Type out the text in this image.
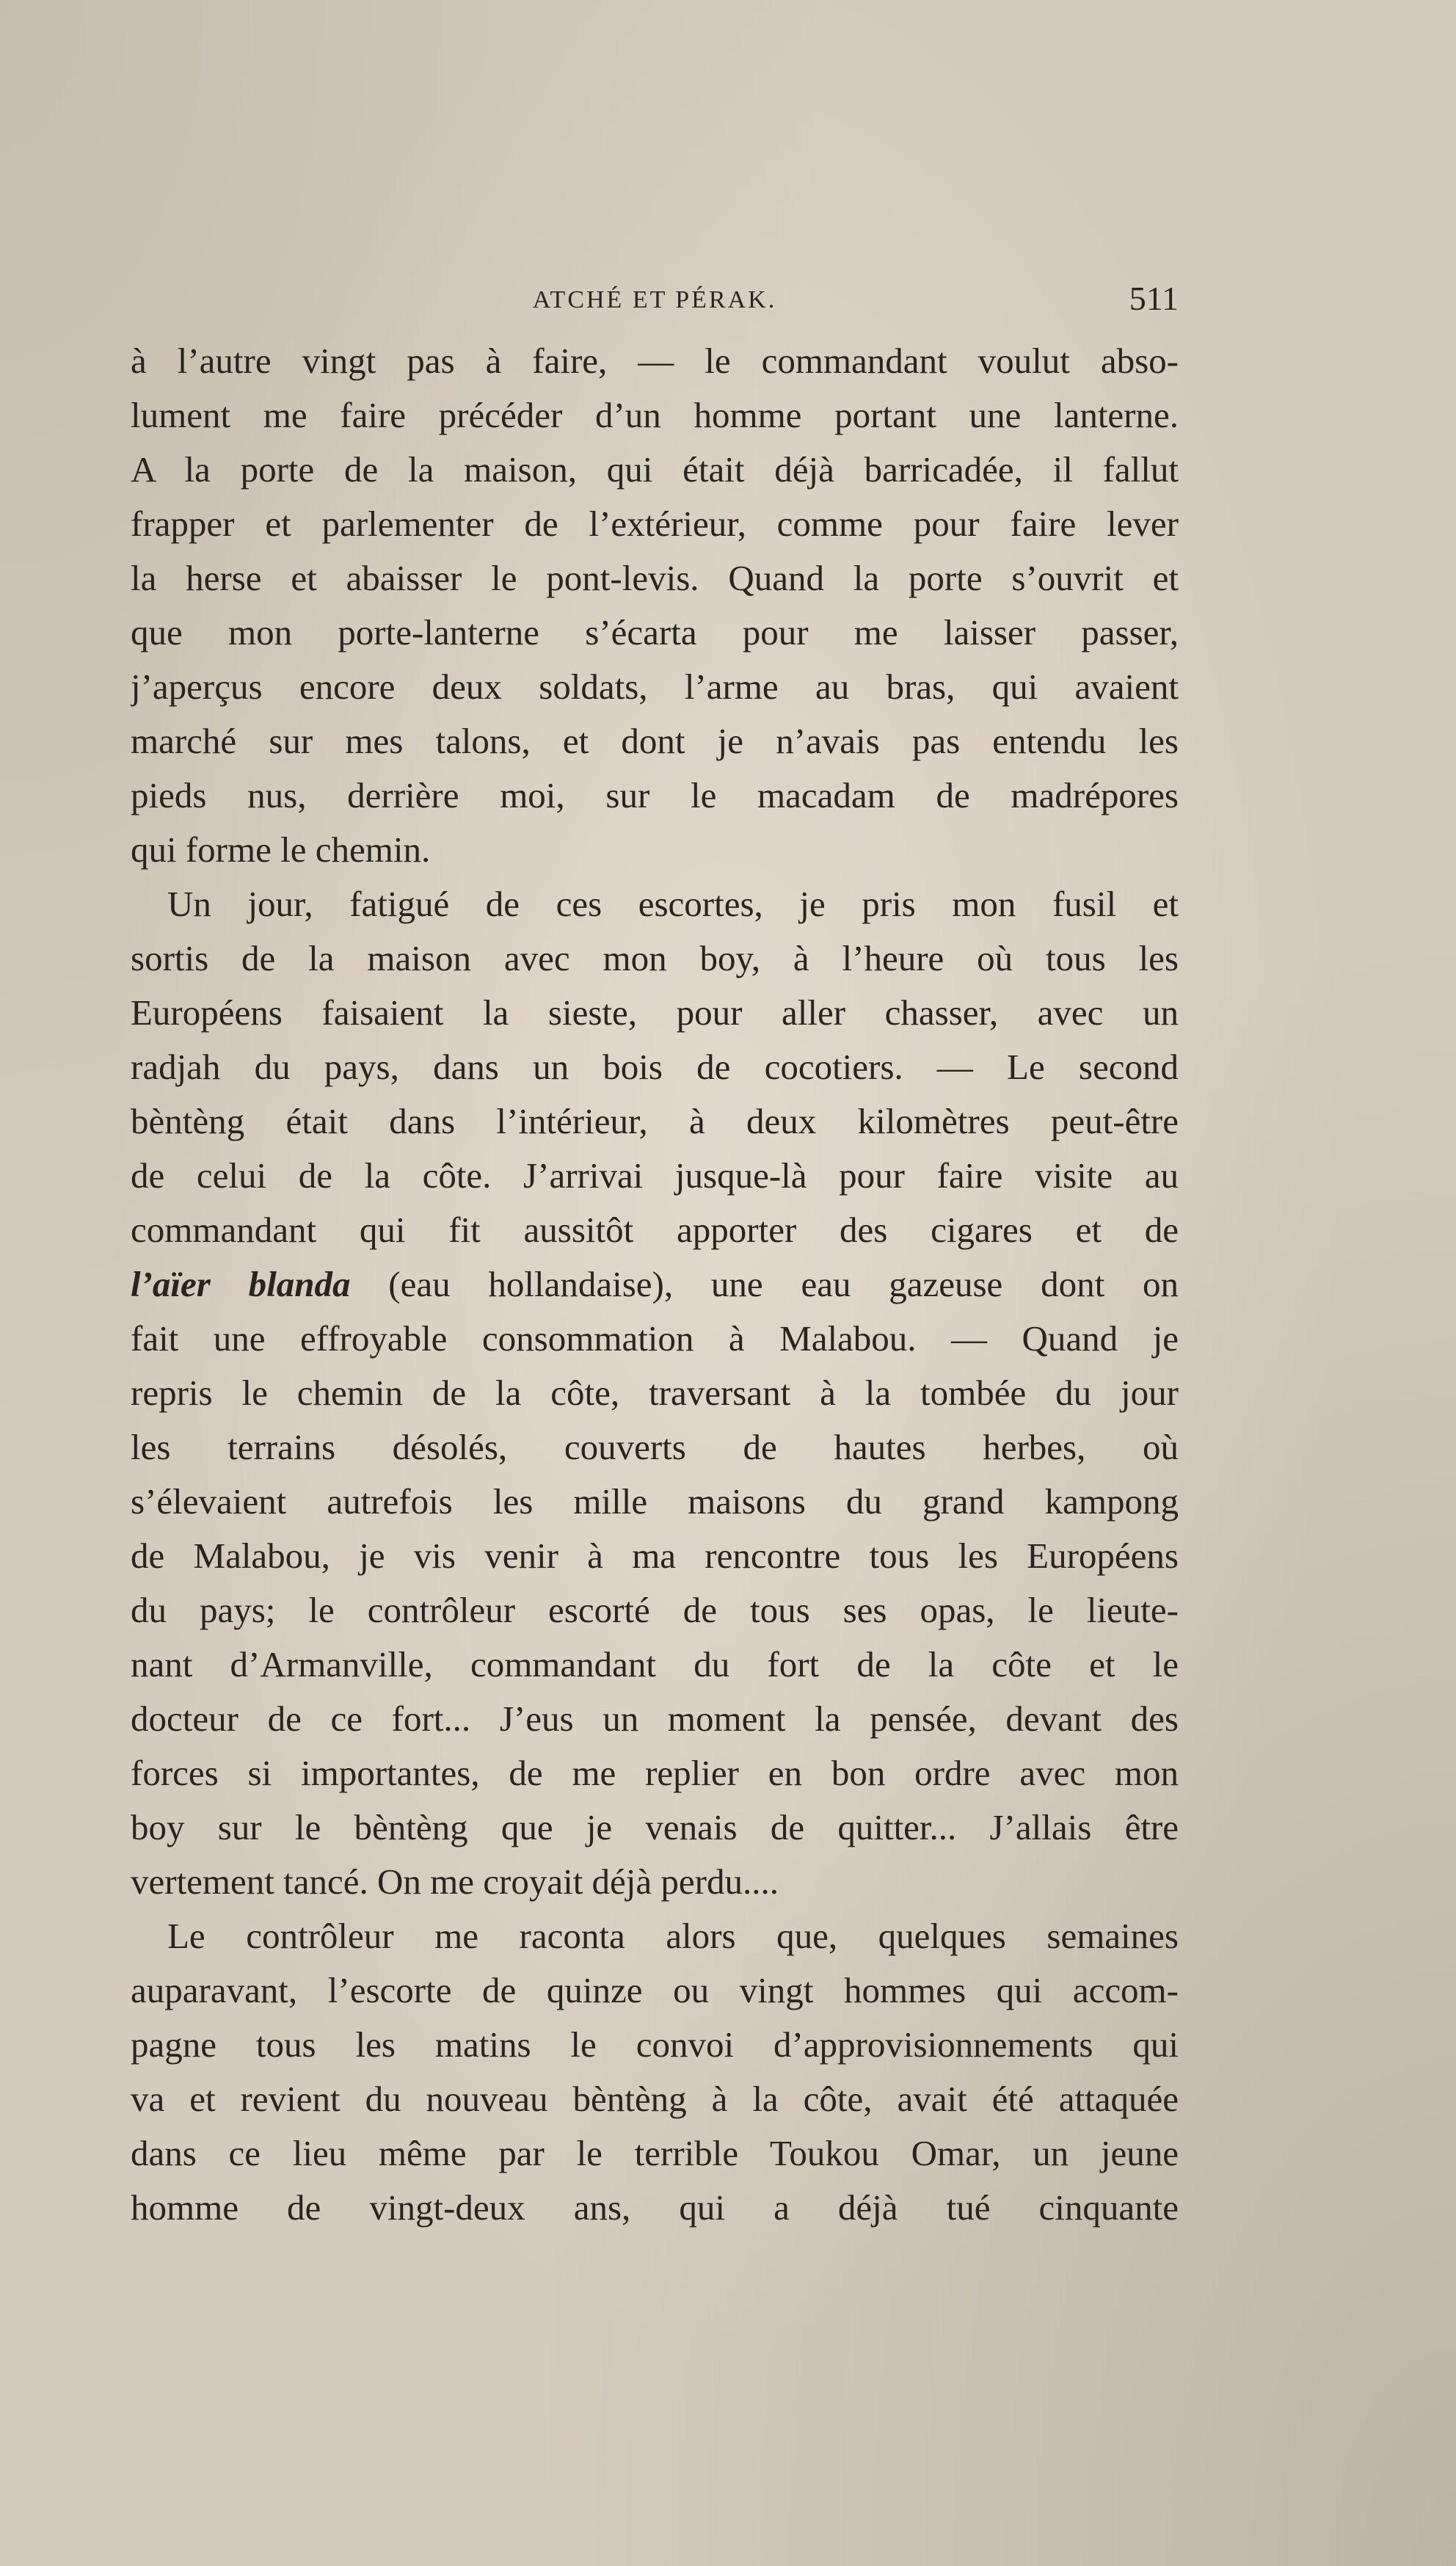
ATCHÉ ET PÉRAK.	511
à l’autre vingt pas à faire, — le commandant voulut abso-
lument me faire précéder d’un homme portant une lanterne.
A la porte de la maison, qui était déjà barricadée, il fallut
frapper et parlementer de l’extérieur, comme pour faire lever
la herse et abaisser le pont-levis. Quand la porte s’ouvrit et
que mon porte-lanterne s’écarta pour me laisser passer,
j’aperçus encore deux soldats, l’arme au bras, qui avaient
marché sur mes talons, et dont je n’avais pas entendu les
pieds nus, derrière moi, sur le macadam de madrépores
qui forme le chemin.
Un jour, fatigué de ces escortes, je pris mon fusil et
sortis de la maison avec mon boy, à l’heure où tous les
Européens faisaient la sieste, pour aller chasser, avec un
radjah du pays, dans un bois de cocotiers. — Le second
bèntèng était dans l’intérieur, à deux kilomètres peut-être
de celui de la côte. J’arrivai jusque-là pour faire visite au
commandant qui fit aussitôt apporter des cigares et de
l’aïer blanda (eau hollandaise), une eau gazeuse dont on
fait une effroyable consommation à Malabou. — Quand je
repris le chemin de la côte, traversant à la tombée du jour
les terrains désolés, couverts de hautes herbes, où
s’élevaient autrefois les mille maisons du grand kampong
de Malabou, je vis venir à ma rencontre tous les Européens
du pays; le contrôleur escorté de tous ses opas, le lieute-
nant d’Armanville, commandant du fort de la côte et le
docteur de ce fort... J’eus un moment la pensée, devant des
forces si importantes, de me replier en bon ordre avec mon
boy sur le bèntèng que je venais de quitter... J’allais être
vertement tancé. On me croyait déjà perdu....
Le contrôleur me raconta alors que, quelques semaines
auparavant, l’escorte de quinze ou vingt hommes qui accom-
pagne tous les matins le convoi d’approvisionnements qui
va et revient du nouveau bèntèng à la côte, avait été attaquée
dans ce lieu même par le terrible Toukou Omar, un jeune
homme de vingt-deux ans, qui a déjà tué cinquante
